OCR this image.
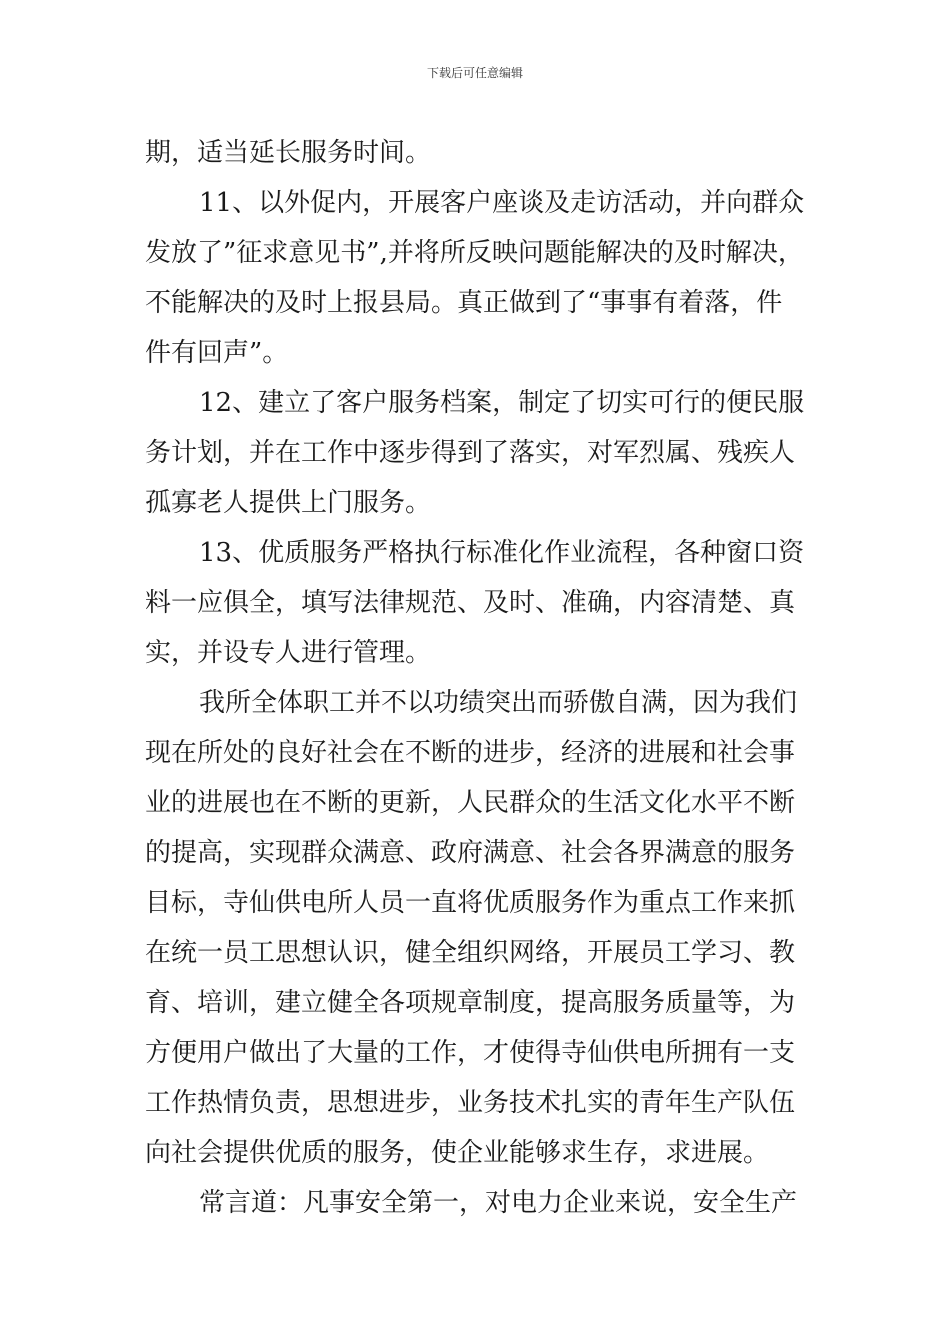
下载后可任意编辑
期，适当延长服务时间。
11、以外促内，开展客户座谈及走访活动，并向群众
发放了”征求意见书”,并将所反映问题能解决的及时解决，
不能解决的及时上报县局。真正做到了“事事有着落，件
件有回声”。
12、建立了客户服务档案，制定了切实可行的便民服
务计划，并在工作中逐步得到了落实，对军烈属、残疾人
孤寡老人提供上门服务。
13、优质服务严格执行标准化作业流程，各种窗口资
料一应俱全，填写法律规范、及时、准确，内容清楚、真
实，并设专人进行管理。
我所全体职工并不以功绩突出而骄傲自满，因为我们
现在所处的良好社会在不断的进步，经济的进展和社会事
业的进展也在不断的更新，人民群众的生活文化水平不断
的提高，实现群众满意、政府满意、社会各界满意的服务
目标，寺仙供电所人员一直将优质服务作为重点工作来抓
在统一员工思想认识，健全组织网络，开展员工学习、教
育、培训，建立健全各项规章制度，提高服务质量等，为
方便用户做出了大量的工作，才使得寺仙供电所拥有一支
工作热情负责，思想进步，业务技术扎实的青年生产队伍
向社会提供优质的服务，使企业能够求生存，求进展。
常言道：凡事安全第一，对电力企业来说，安全生产
